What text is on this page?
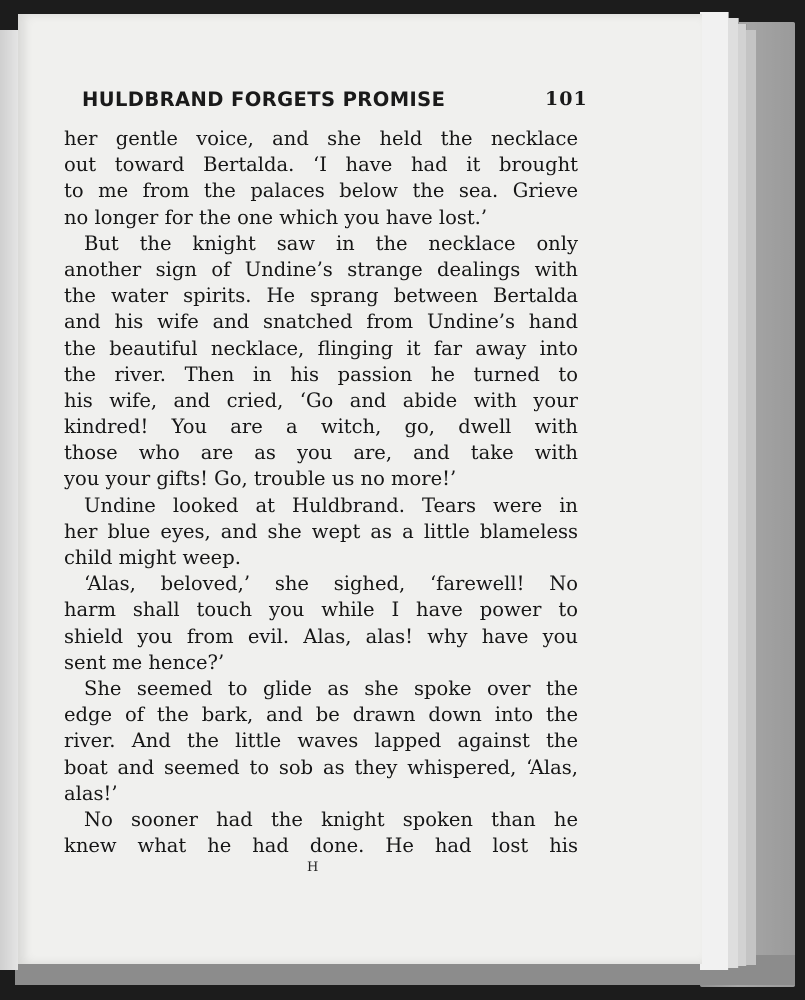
HULDBRAND FORGETS PROMISE	101
her gentle voice, and she held the necklace
out toward Bertalda. ‘I have had it brought
to me from the palaces below the sea. Grieve
no longer for the one which you have lost.’
But the knight saw in the necklace only
another sign of Undine’s strange dealings with
the water spirits. He sprang between Bertalda
and his wife and snatched from Undine’s hand
the beautiful necklace, flinging it far away into
the river. Then in his passion he turned to
his wife, and cried, ‘Go and abide with your
kindred! You are a witch, go, dwell with
those who are as you are, and take with
you your gifts! Go, trouble us no more!’
Undine looked at Huldbrand. Tears were in
her blue eyes, and she wept as a little blameless
child might weep.
‘Alas, beloved,’ she sighed, ‘farewell! No
harm shall touch you while I have power to
shield you from evil. Alas, alas! why have you
sent me hence?’
She seemed to glide as she spoke over the
edge of the bark, and be drawn down into the
river. And the little waves lapped against the
boat and seemed to sob as they whispered, ‘Alas,
alas!’
No sooner had the knight spoken than he
knew what he had done. He had lost his
H
